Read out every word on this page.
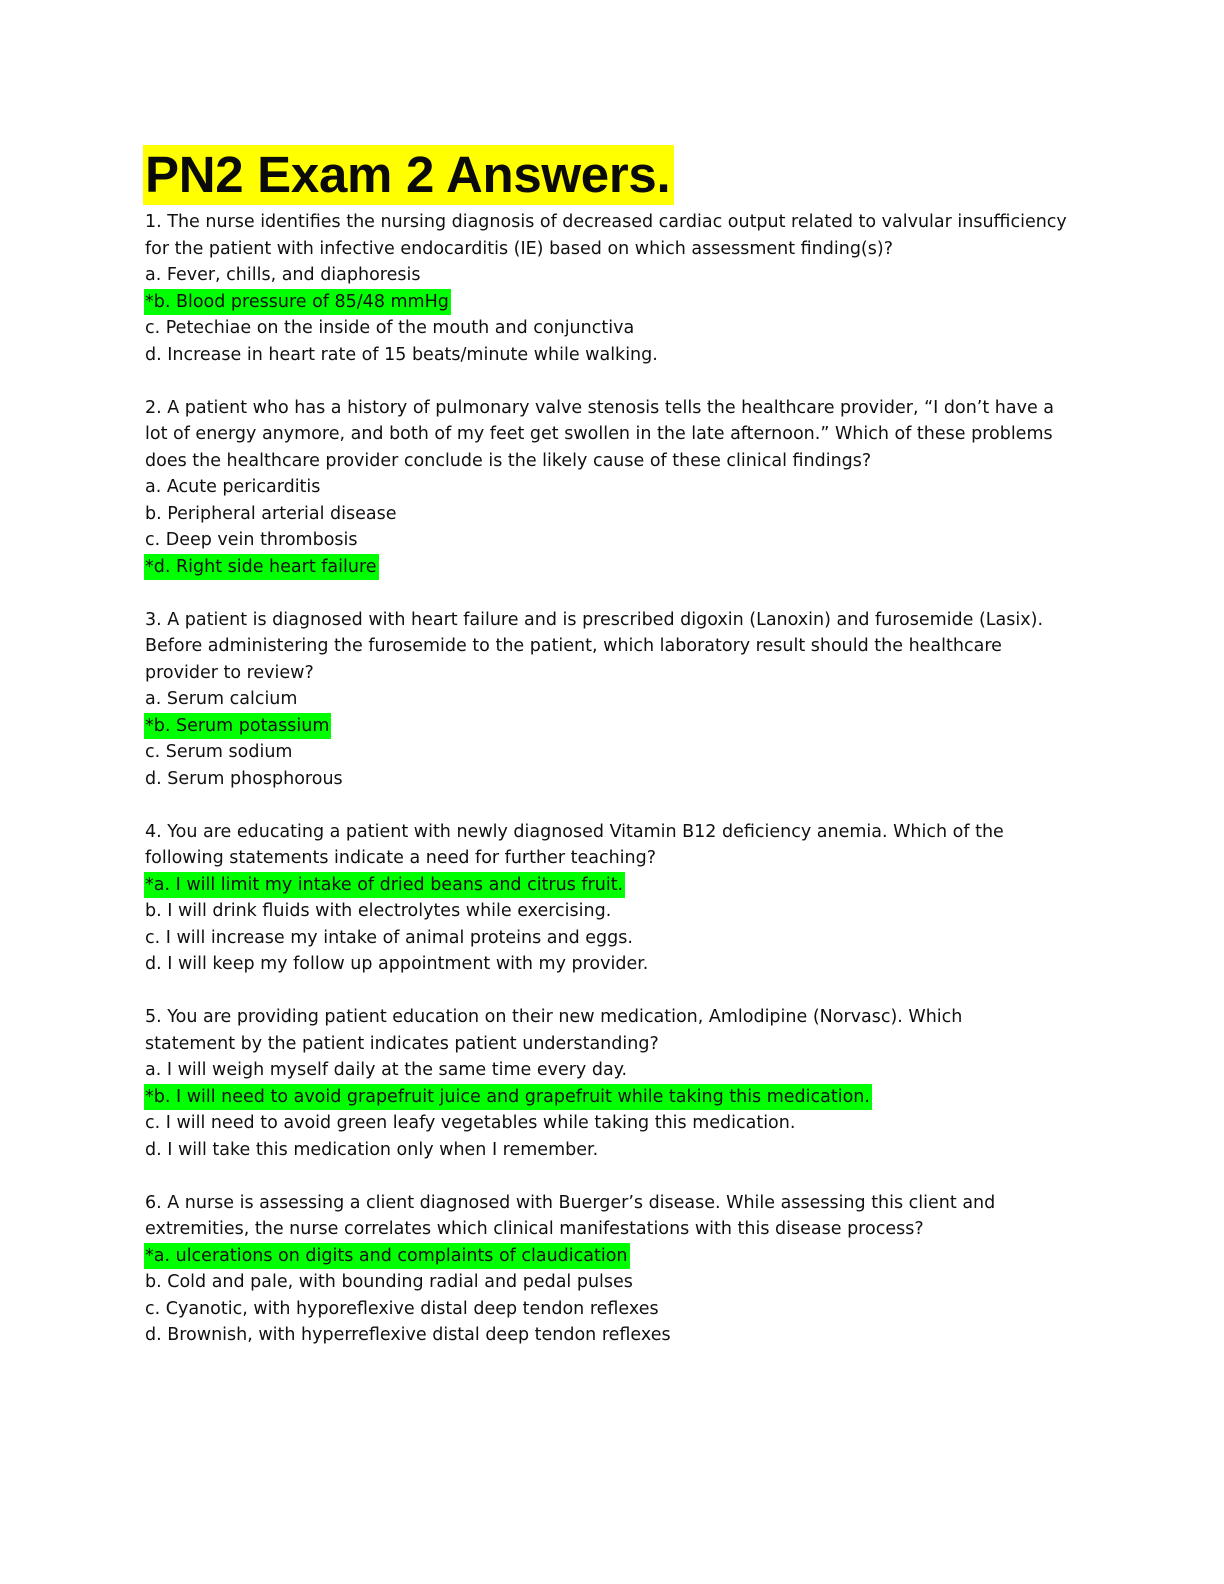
PN2 Exam 2 Answers.
1. The nurse identifies the nursing diagnosis of decreased cardiac output related to valvular insufficiency
for the patient with infective endocarditis (IE) based on which assessment finding(s)?
a. Fever, chills, and diaphoresis
*b. Blood pressure of 85/48 mmHg
c. Petechiae on the inside of the mouth and conjunctiva
d. Increase in heart rate of 15 beats/minute while walking.
2. A patient who has a history of pulmonary valve stenosis tells the healthcare provider, “I don’t have a
lot of energy anymore, and both of my feet get swollen in the late afternoon.” Which of these problems
does the healthcare provider conclude is the likely cause of these clinical findings?
a. Acute pericarditis
b. Peripheral arterial disease
c. Deep vein thrombosis
*d. Right side heart failure
3. A patient is diagnosed with heart failure and is prescribed digoxin (Lanoxin) and furosemide (Lasix).
Before administering the furosemide to the patient, which laboratory result should the healthcare
provider to review?
a. Serum calcium
*b. Serum potassium
c. Serum sodium
d. Serum phosphorous
4. You are educating a patient with newly diagnosed Vitamin B12 deficiency anemia. Which of the
following statements indicate a need for further teaching?
*a. I will limit my intake of dried beans and citrus fruit.
b. I will drink fluids with electrolytes while exercising.
c. I will increase my intake of animal proteins and eggs.
d. I will keep my follow up appointment with my provider.
5. You are providing patient education on their new medication, Amlodipine (Norvasc). Which
statement by the patient indicates patient understanding?
a. I will weigh myself daily at the same time every day.
*b. I will need to avoid grapefruit juice and grapefruit while taking this medication.
c. I will need to avoid green leafy vegetables while taking this medication.
d. I will take this medication only when I remember.
6. A nurse is assessing a client diagnosed with Buerger’s disease. While assessing this client and
extremities, the nurse correlates which clinical manifestations with this disease process?
*a. ulcerations on digits and complaints of claudication
b. Cold and pale, with bounding radial and pedal pulses
c. Cyanotic, with hyporeflexive distal deep tendon reflexes
d. Brownish, with hyperreflexive distal deep tendon reflexes
